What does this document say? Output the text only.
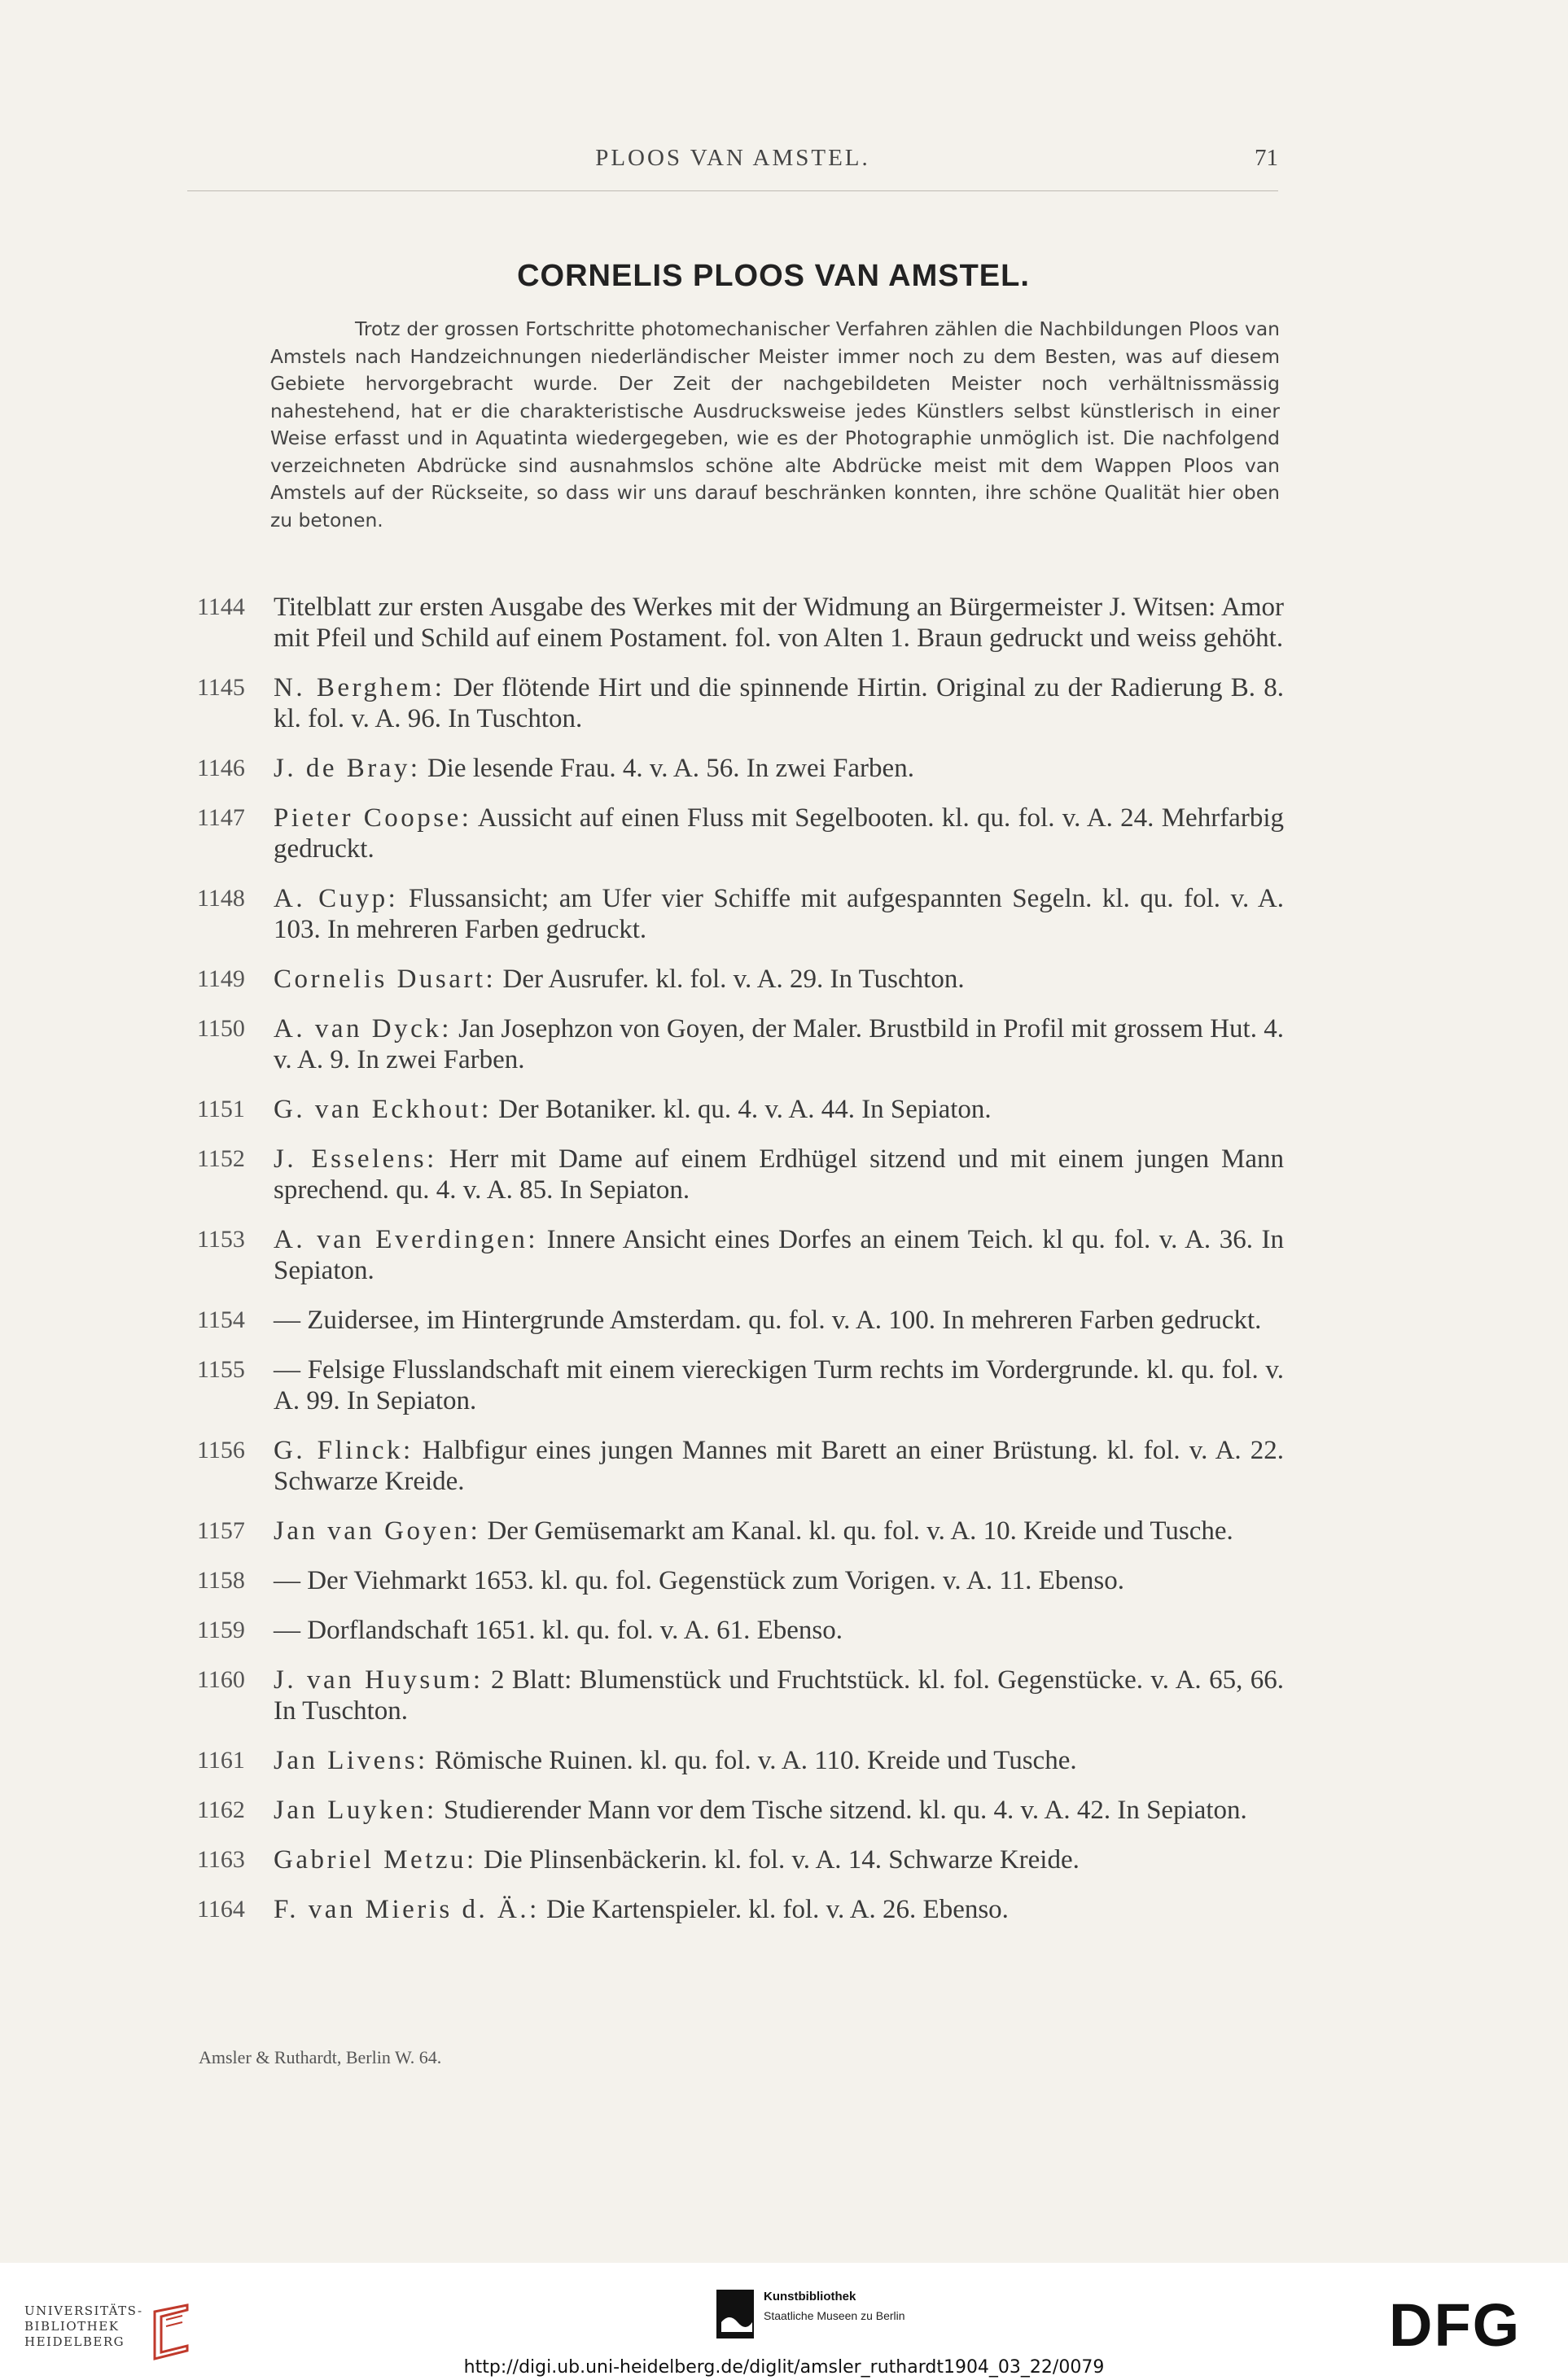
PLOOS VAN AMSTEL.	71
CORNELIS PLOOS VAN AMSTEL.
Trotz der grossen Fortschritte photomechanischer Verfahren zählen die Nachbildungen Ploos van Amstels nach Handzeichnungen niederländischer Meister immer noch zu dem Besten, was auf diesem Gebiete hervorgebracht wurde. Der Zeit der nachgebildeten Meister noch verhältnissmässig nahestehend, hat er die charakteristische Ausdrucksweise jedes Künstlers selbst künstlerisch in einer Weise erfasst und in Aquatinta wiedergegeben, wie es der Photographie unmöglich ist. Die nachfolgend verzeichneten Abdrücke sind ausnahmslos schöne alte Abdrücke meist mit dem Wappen Ploos van Amstels auf der Rückseite, so dass wir uns darauf beschränken konnten, ihre schöne Qualität hier oben zu betonen.
1144	Titelblatt zur ersten Ausgabe des Werkes mit der Widmung an Bürgermeister J. Witsen: Amor mit Pfeil und Schild auf einem Postament. fol. von Alten 1. Braun gedruckt und weiss gehöht.
1145	N. Berghem: Der flötende Hirt und die spinnende Hirtin. Original zu der Radierung B. 8. kl. fol. v. A. 96. In Tuschton.
1146	J. de Bray: Die lesende Frau. 4. v. A. 56. In zwei Farben.
1147	Pieter Coopse: Aussicht auf einen Fluss mit Segelbooten. kl. qu. fol. v. A. 24. Mehrfarbig gedruckt.
1148	A. Cuyp: Flussansicht; am Ufer vier Schiffe mit aufgespannten Segeln. kl. qu. fol. v. A. 103. In mehreren Farben gedruckt.
1149	Cornelis Dusart: Der Ausrufer. kl. fol. v. A. 29. In Tuschton.
1150	A. van Dyck: Jan Josephzon von Goyen, der Maler. Brustbild in Profil mit grossem Hut. 4. v. A. 9. In zwei Farben.
1151	G. van Eckhout: Der Botaniker. kl. qu. 4. v. A. 44. In Sepiaton.
1152	J. Esselens: Herr mit Dame auf einem Erdhügel sitzend und mit einem jungen Mann sprechend. qu. 4. v. A. 85. In Sepiaton.
1153	A. van Everdingen: Innere Ansicht eines Dorfes an einem Teich. kl qu. fol. v. A. 36. In Sepiaton.
1154	— Zuidersee, im Hintergrunde Amsterdam. qu. fol. v. A. 100. In mehreren Farben gedruckt.
1155	— Felsige Flusslandschaft mit einem viereckigen Turm rechts im Vordergrunde. kl. qu. fol. v. A. 99. In Sepiaton.
1156	G. Flinck: Halbfigur eines jungen Mannes mit Barett an einer Brüstung. kl. fol. v. A. 22. Schwarze Kreide.
1157	Jan van Goyen: Der Gemüsemarkt am Kanal. kl. qu. fol. v. A. 10. Kreide und Tusche.
1158	— Der Viehmarkt 1653. kl. qu. fol. Gegenstück zum Vorigen. v. A. 11. Ebenso.
1159	— Dorflandschaft 1651. kl. qu. fol. v. A. 61. Ebenso.
1160	J. van Huysum: 2 Blatt: Blumenstück und Fruchtstück. kl. fol. Gegenstücke. v. A. 65, 66. In Tuschton.
1161	Jan Livens: Römische Ruinen. kl. qu. fol. v. A. 110. Kreide und Tusche.
1162	Jan Luyken: Studierender Mann vor dem Tische sitzend. kl. qu. 4. v. A. 42. In Sepiaton.
1163	Gabriel Metzu: Die Plinsenbäckerin. kl. fol. v. A. 14. Schwarze Kreide.
1164	F. van Mieris d. Ä.: Die Kartenspieler. kl. fol. v. A. 26. Ebenso.
Amsler & Ruthardt, Berlin W. 64.
UNIVERSITÄTS-
BIBLIOTHEK
HEIDELBERG
Kunstbibliothek
Staatliche Museen zu Berlin	DFG
http://digi.ub.uni-heidelberg.de/diglit/amsler_ruthardt1904_03_22/0079
